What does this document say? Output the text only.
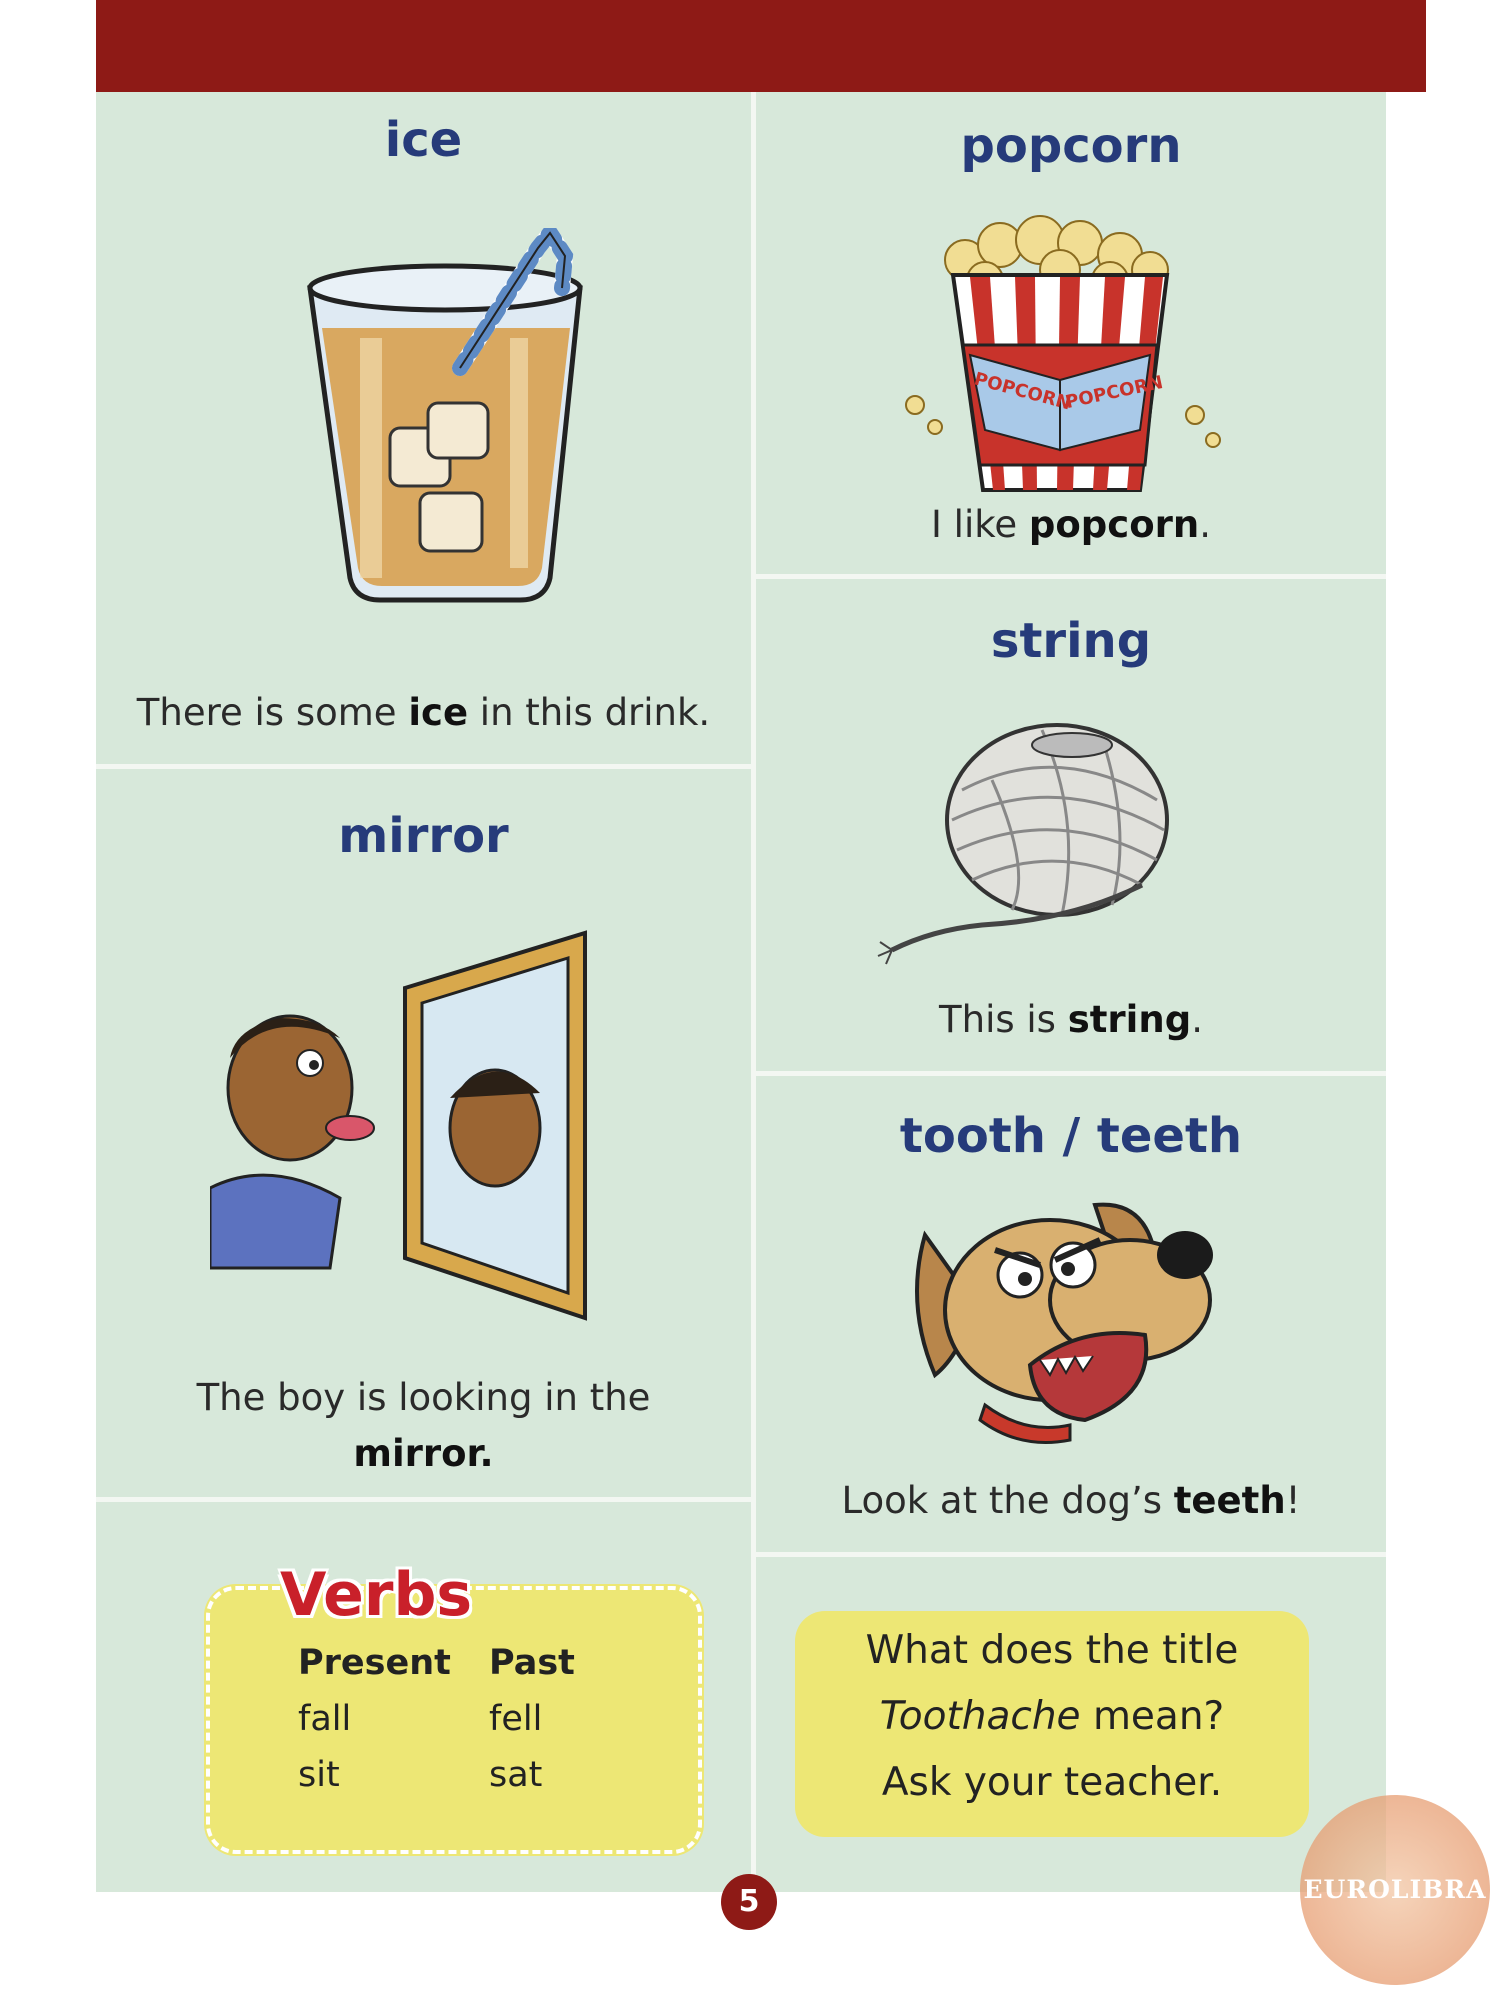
ice
There is some ice in this drink.
mirror
The boy is looking in the
mirror.
popcorn
POPCORN
POPCORN
I like popcorn.
string
This is string.
tooth / teeth
Look at the dog’s teeth!
Verbs
Present Past
fall	fell
sit	sat
What does the title
Toothache mean?
Ask your teacher.
5	EUROLIBRA
